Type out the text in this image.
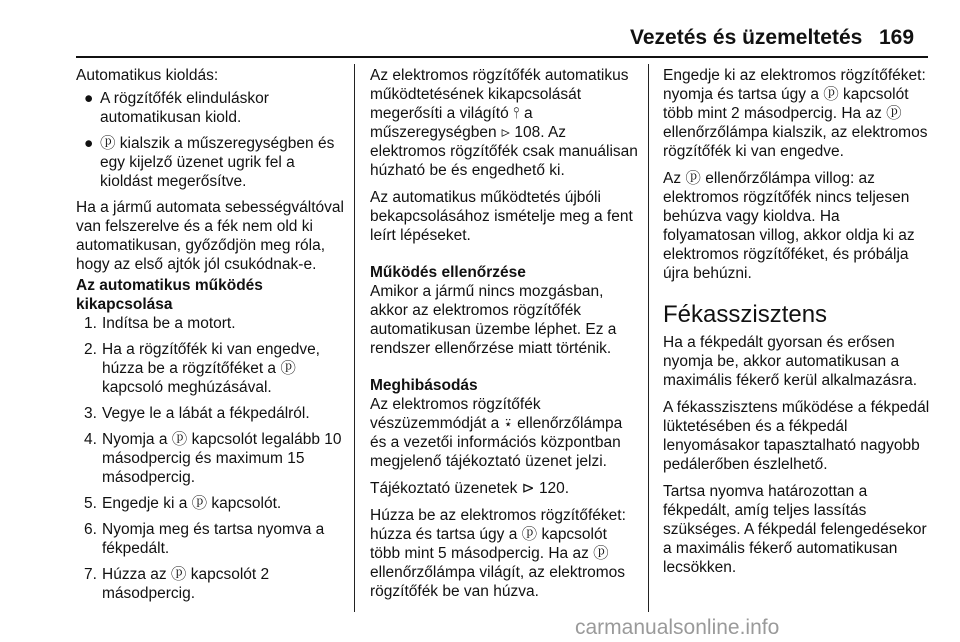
Vezetés és üzemeltetés 169

Automatikus kioldás:

● A rögzítőfék elinduláskor automatikusan kiold.
● ⓟ kialszik a műszeregységben és egy kijelző üzenet ugrik fel a kioldást megerősítve.

Ha a jármű automata sebességváltóval van felszerelve és a fék nem old ki automatikusan, győződjön meg róla, hogy az első ajtók jól csukódnak-e.

Az automatikus működés kikapcsolása
1. Indítsa be a motort.
2. Ha a rögzítőfék ki van engedve, húzza be a rögzítőféket a ⓟ kapcsoló meghúzásával.
3. Vegye le a lábát a fékpedálról.
4. Nyomja a ⓟ kapcsolót legalább 10 másodpercig és maximum 15 másodpercig.
5. Engedje ki a ⓟ kapcsolót.
6. Nyomja meg és tartsa nyomva a fékpedált.
7. Húzza az ⓟ kapcsolót 2 másodpercig.

Az elektromos rögzítőfék automatikus működtetésének kikapcsolását megerősíti a világító ⫯ a műszeregységben ⊳ 108. Az elektromos rögzítőfék csak manuálisan húzható be és engedhető ki.

Az automatikus működtetés újbóli bekapcsolásához ismételje meg a fent leírt lépéseket.

Működés ellenőrzése

Amikor a jármű nincs mozgásban, akkor az elektromos rögzítőfék automatikusan üzembe léphet. Ez a rendszer ellenőrzése miatt történik.

Meghibásodás

Az elektromos rögzítőfék vészüzemmódját a ⍣ ellenőrzőlámpa és a vezetői információs központban megjelenő tájékoztató üzenet jelzi.

Tájékoztató üzenetek ⊳ 120.

Húzza be az elektromos rögzítőféket: húzza és tartsa úgy a ⓟ kapcsolót több mint 5 másodpercig. Ha az ⓟ ellenőrzőlámpa világít, az elektromos rögzítőfék be van húzva.

Engedje ki az elektromos rögzítőféket: nyomja és tartsa úgy a ⓟ kapcsolót több mint 2 másodpercig. Ha az ⓟ ellenőrzőlámpa kialszik, az elektromos rögzítőfék ki van engedve.

Az ⓟ ellenőrzőlámpa villog: az elektromos rögzítőfék nincs teljesen behúzva vagy kioldva. Ha folyamatosan villog, akkor oldja ki az elektromos rögzítőféket, és próbálja újra behúzni.

Fékasszisztens

Ha a fékpedált gyorsan és erősen nyomja be, akkor automatikusan a maximális fékerő kerül alkalmazásra.

A fékasszisztens működése a fékpedál lüktetésében és a fékpedál lenyomásakor tapasztalható nagyobb pedálerőben észlelhető.

Tartsa nyomva határozottan a fékpedált, amíg teljes lassítás szükséges. A fékpedál felengedésekor a maximális fékerő automatikusan lecsökken.

carmanualsonline.info
